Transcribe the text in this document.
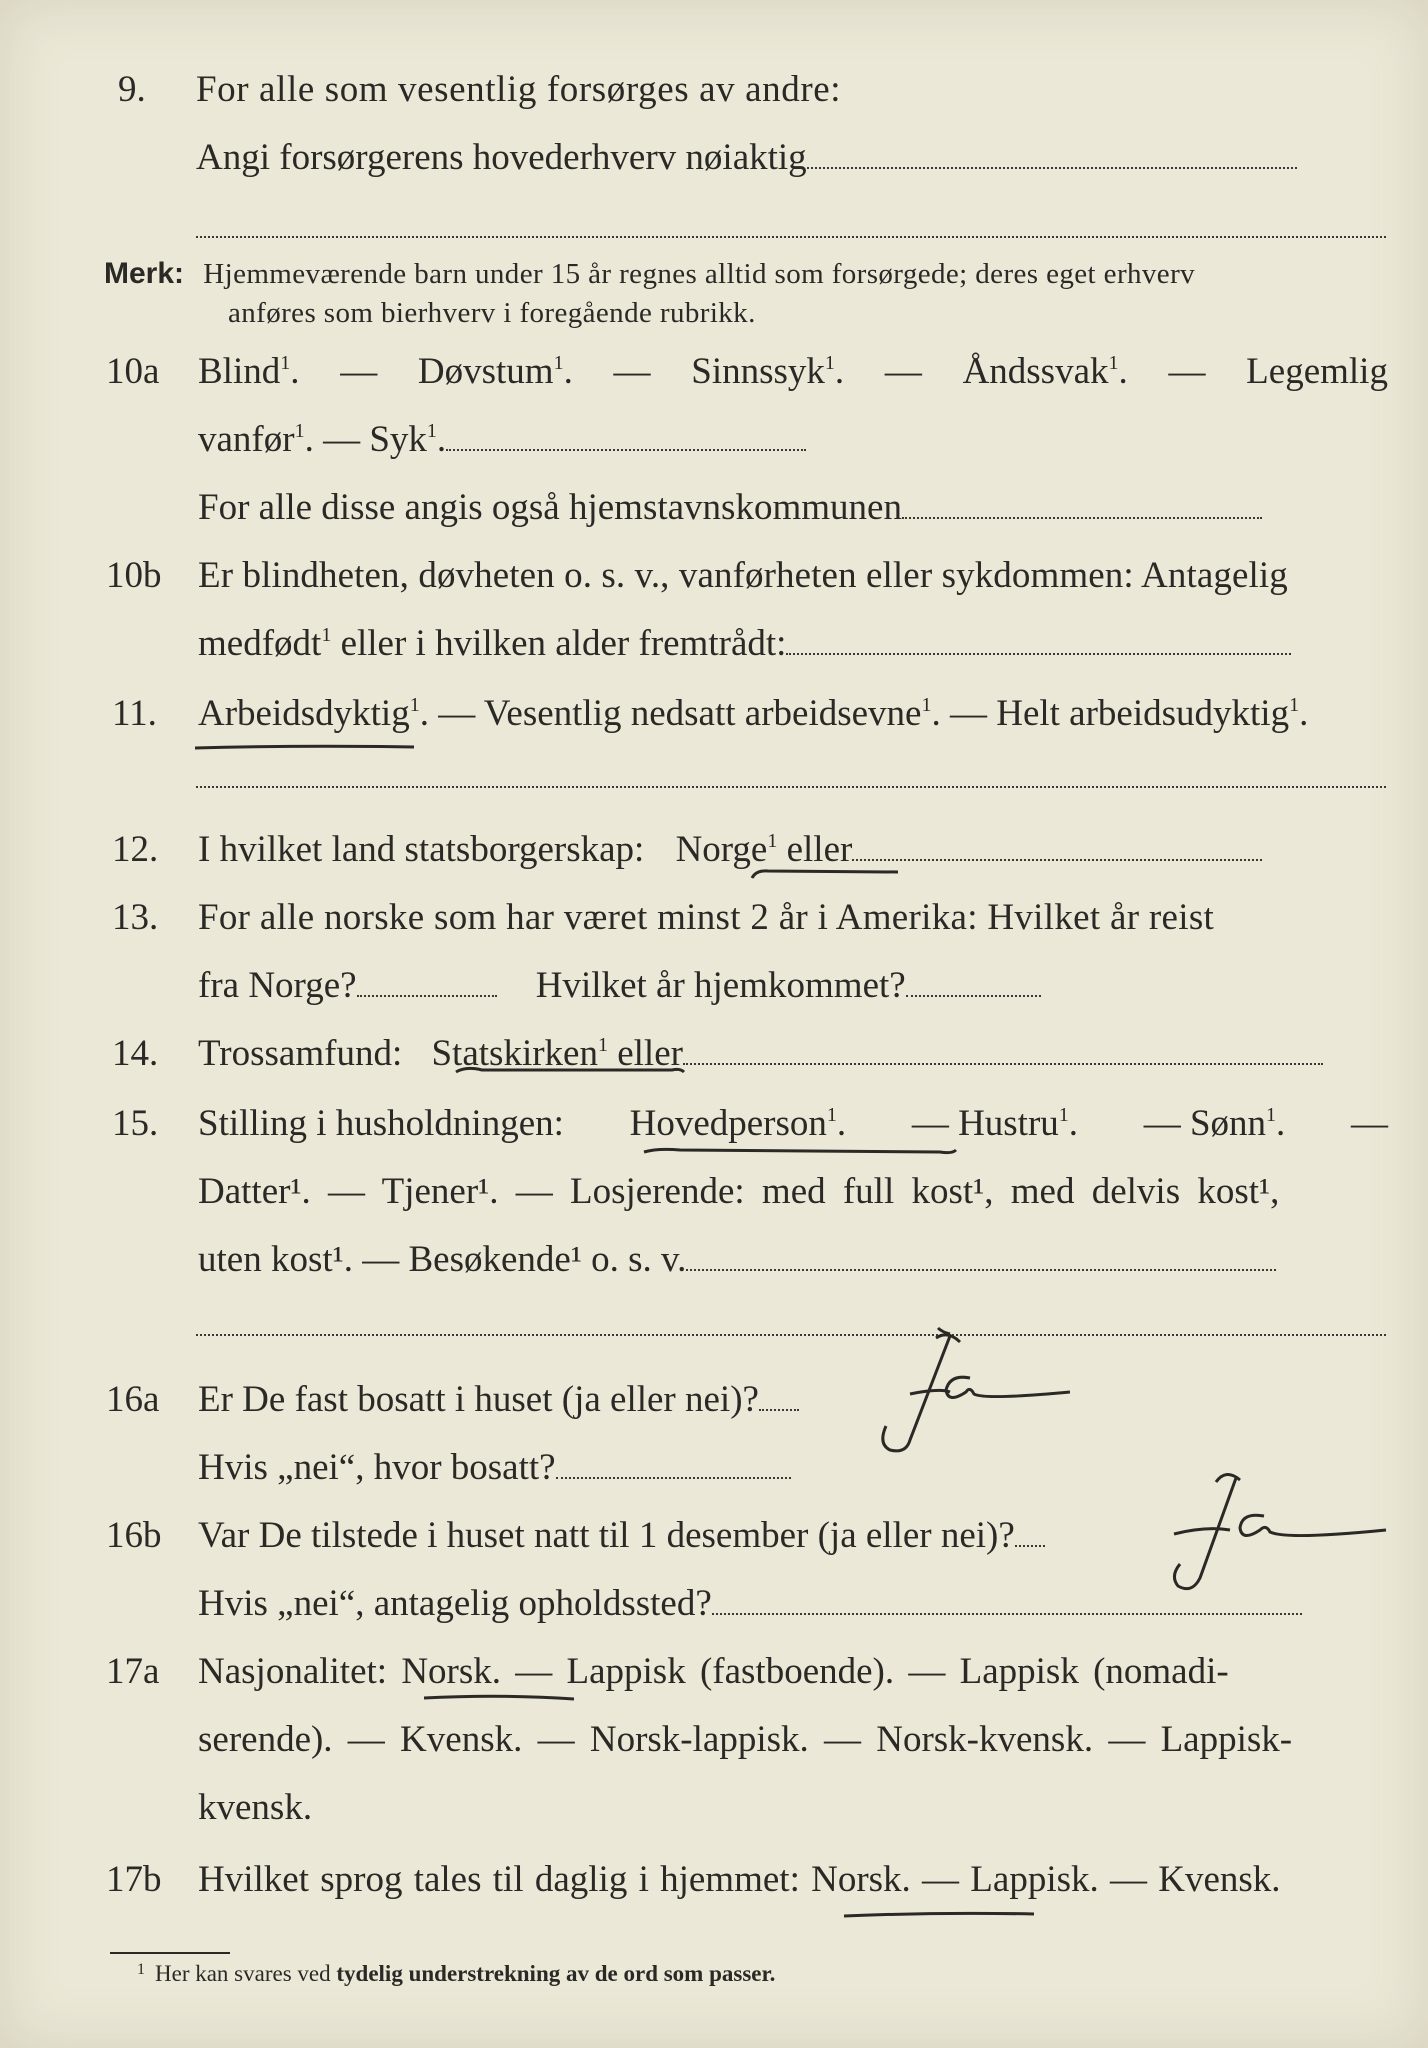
9. For alle som vesentlig forsørges av andre:
Angi forsørgerens hovederhverv nøiaktig
Merk: Hjemmeværende barn under 15 år regnes alltid som forsørgede; deres eget erhverv
anføres som bierhverv i foregående rubrikk.
10a Blind$^1$. — Døvstum$^1$. — Sinnssyk$^1$. — Åndssvak$^1$. — Legemlig
vanfør$^1$. — Syk$^1$.
For alle disse angis også hjemstavnskommunen
10b Er blindheten, døvheten o. s. v., vanførheten eller sykdommen: Antagelig
medfødt$^1$ eller i hvilken alder fremtrådt:
11. Arbeidsdyktig$^1$. — Vesentlig nedsatt arbeidsevne$^1$. — Helt arbeidsudyktig$^1$.
12. I hvilket land statsborgerskap: Norge$^1$ eller
13. For alle norske som har været minst 2 år i Amerika: Hvilket år reist
fra Norge?	Hvilket år hjemkommet?
14. Trossamfund: Statskirken$^1$ eller
15. Stilling i husholdningen: Hovedperson$^1$. — Hustru$^1$. — Sønn$^1$. —
Datter¹. — Tjener¹. — Losjerende: med full kost¹, med delvis kost¹,
uten kost¹. — Besøkende¹ o. s. v.
16a Er De fast bosatt i huset (ja eller nei)?
Hvis „nei“, hvor bosatt?
16b Var De tilstede i huset natt til 1 desember (ja eller nei)?
Hvis „nei“, antagelig opholdssted?
17a Nasjonalitet: Norsk. — Lappisk (fastboende). — Lappisk (nomadi-
serende). — Kvensk. — Norsk-lappisk. — Norsk-kvensk. — Lappisk-
kvensk.
17b Hvilket sprog tales til daglig i hjemmet: Norsk. — Lappisk. — Kvensk.
1 Her kan svares ved tydelig understrekning av de ord som passer.
